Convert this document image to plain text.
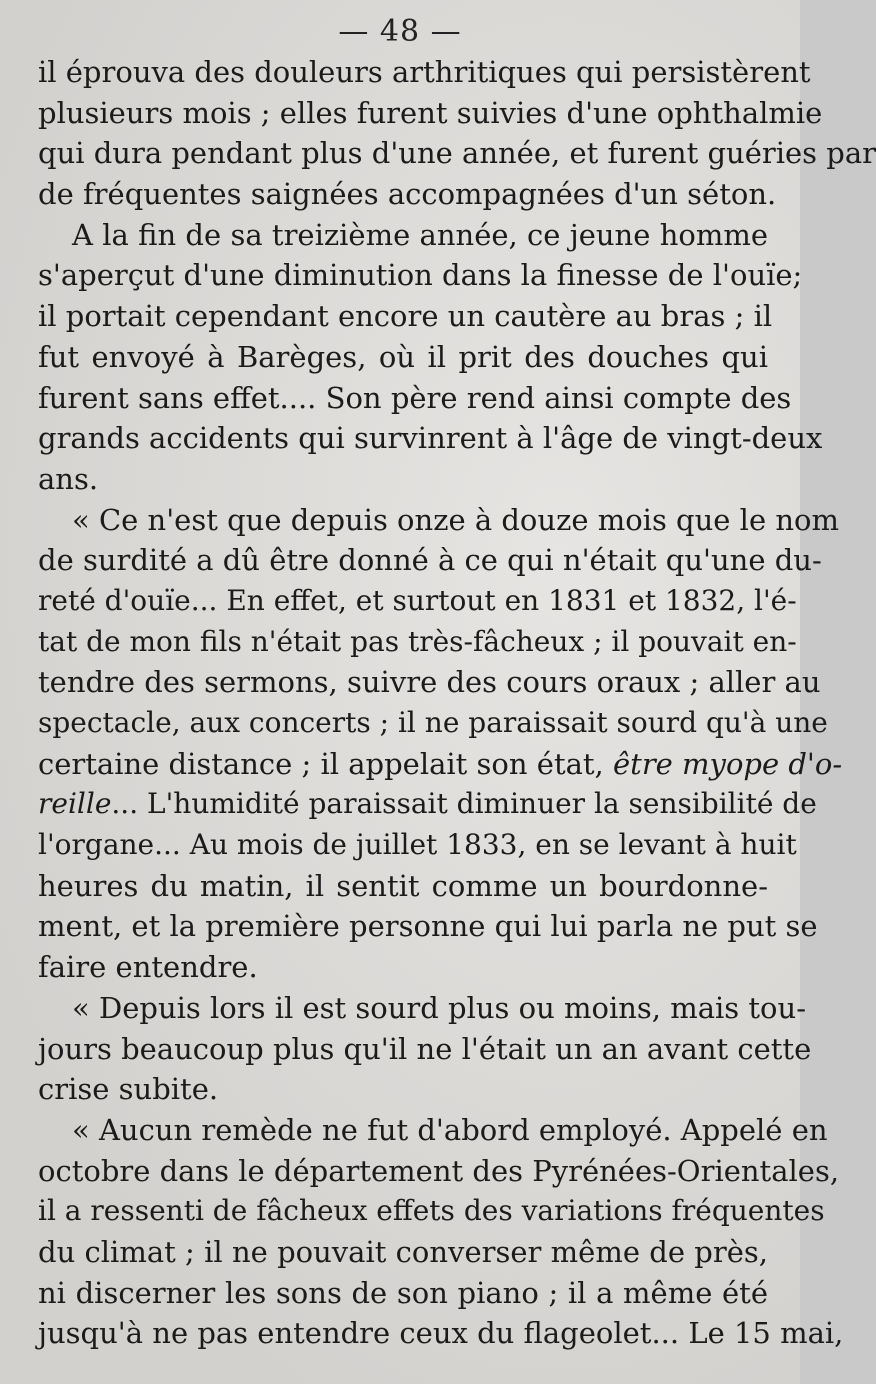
— 48 —
il éprouva des douleurs arthritiques qui persistèrent
plusieurs mois ; elles furent suivies d'une ophthalmie
qui dura pendant plus d'une année, et furent guéries par
de fréquentes saignées accompagnées d'un séton.
A la fin de sa treizième année, ce jeune homme
s'aperçut d'une diminution dans la finesse de l'ouïe;
il portait cependant encore un cautère au bras ; il
fut envoyé à Barèges, où il prit des douches qui
furent sans effet.... Son père rend ainsi compte des
grands accidents qui survinrent à l'âge de vingt-deux
ans.
« Ce n'est que depuis onze à douze mois que le nom
de surdité a dû être donné à ce qui n'était qu'une du-
reté d'ouïe... En effet, et surtout en 1831 et 1832, l'é-
tat de mon fils n'était pas très-fâcheux ; il pouvait en-
tendre des sermons, suivre des cours oraux ; aller au
spectacle, aux concerts ; il ne paraissait sourd qu'à une
certaine distance ; il appelait son état, être myope d'o-
reille... L'humidité paraissait diminuer la sensibilité de
l'organe... Au mois de juillet 1833, en se levant à huit
heures du matin, il sentit comme un bourdonne-
ment, et la première personne qui lui parla ne put se
faire entendre.
« Depuis lors il est sourd plus ou moins, mais tou-
jours beaucoup plus qu'il ne l'était un an avant cette
crise subite.
« Aucun remède ne fut d'abord employé. Appelé en
octobre dans le département des Pyrénées-Orientales,
il a ressenti de fâcheux effets des variations fréquentes
du climat ; il ne pouvait converser même de près,
ni discerner les sons de son piano ; il a même été
jusqu'à ne pas entendre ceux du flageolet... Le 15 mai,
